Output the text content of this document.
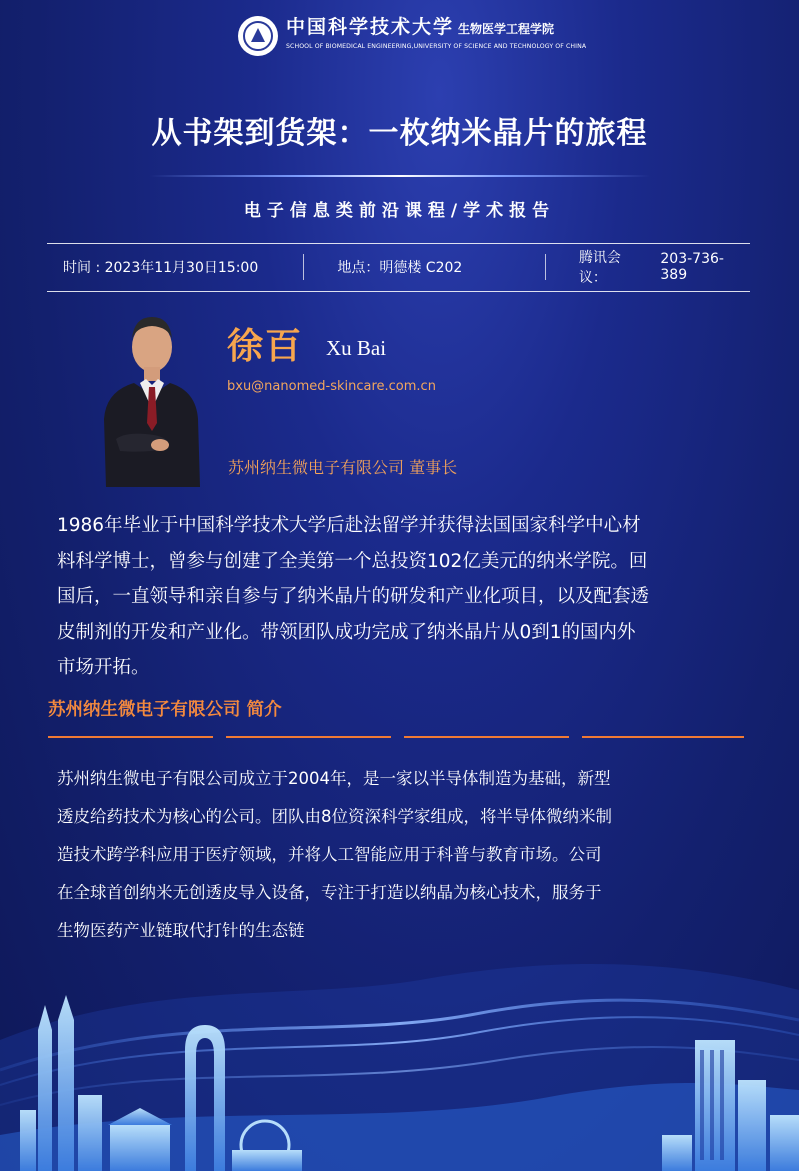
中国科学技术大学 生物医学工程学院
SCHOOL OF BIOMEDICAL ENGINEERING,UNIVERSITY OF SCIENCE AND TECHNOLOGY OF CHINA
从书架到货架：一枚纳米晶片的旅程
电子信息类前沿课程/学术报告
时间 : 2023年11月30日15:00	地点：明德楼 C202
腾讯会议：
203-736-389
徐百 Xu Bai
bxu@nanomed-skincare.com.cn
苏州纳生微电子有限公司 董事长
1986年毕业于中国科学技术大学后赴法留学并获得法国国家科学中心材
料科学博士，曾参与创建了全美第一个总投资102亿美元的纳米学院。回
国后，一直领导和亲自参与了纳米晶片的研发和产业化项目，以及配套透
皮制剂的开发和产业化。带领团队成功完成了纳米晶片从0到1的国内外
市场开拓。
苏州纳生微电子有限公司 简介
苏州纳生微电子有限公司成立于2004年，是一家以半导体制造为基础，新型
透皮给药技术为核心的公司。团队由8位资深科学家组成，将半导体微纳米制
造技术跨学科应用于医疗领域，并将人工智能应用于科普与教育市场。公司
在全球首创纳米无创透皮导入设备，专注于打造以纳晶为核心技术，服务于
生物医药产业链取代打针的生态链
